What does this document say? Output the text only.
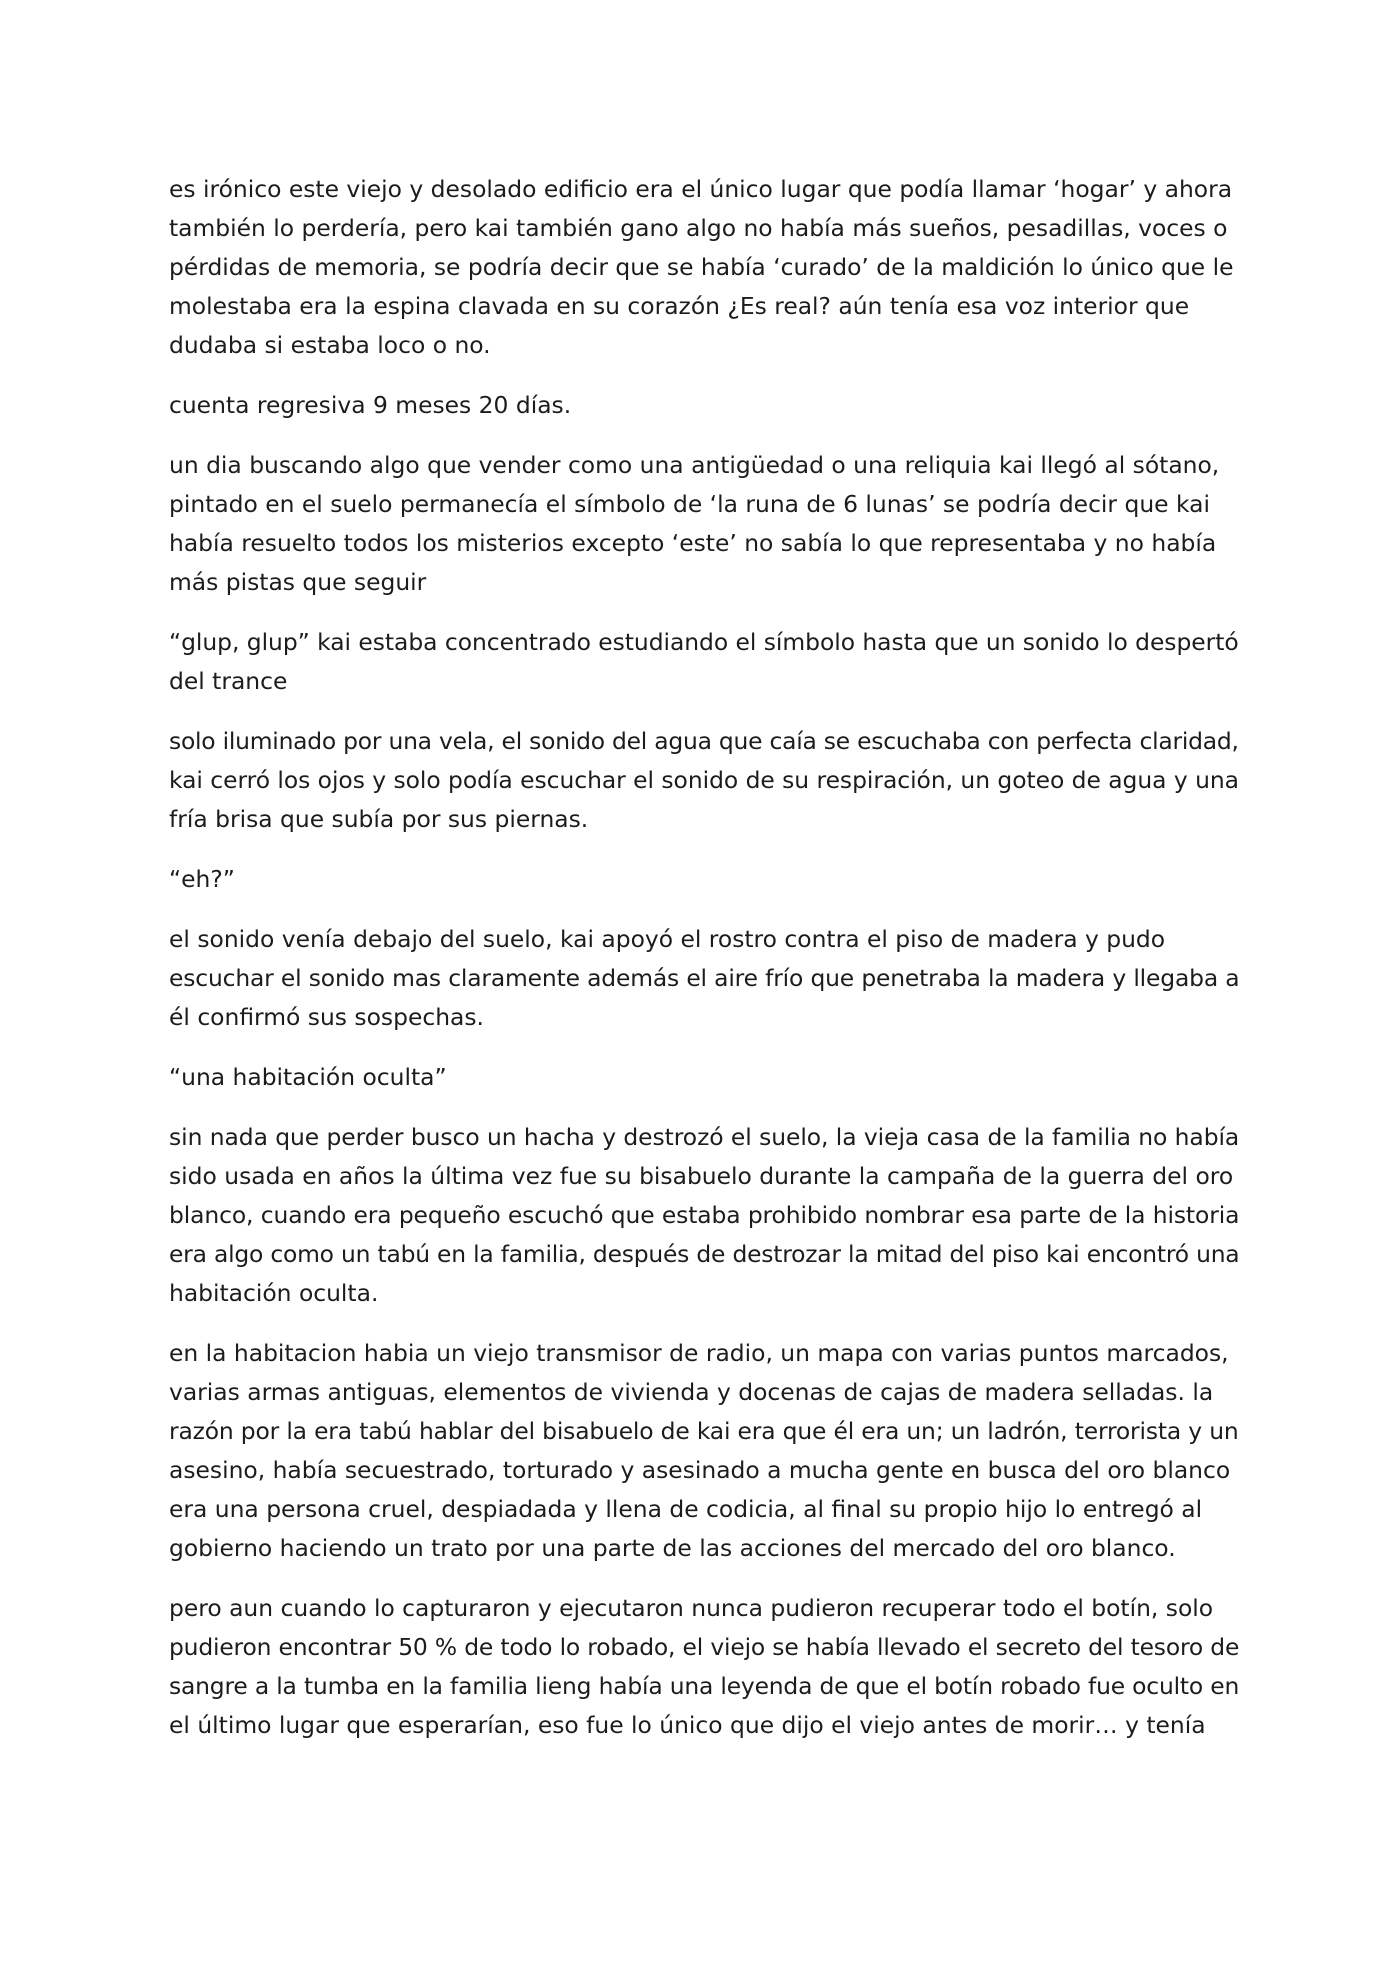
es irónico este viejo y desolado edificio era el único lugar que podía llamar ‘hogar’ y ahora
también lo perdería, pero kai también gano algo no había más sueños, pesadillas, voces o
pérdidas de memoria, se podría decir que se había ‘curado’ de la maldición lo único que le
molestaba era la espina clavada en su corazón ¿Es real? aún tenía esa voz interior que
dudaba si estaba loco o no.

cuenta regresiva 9 meses 20 días.

un dia buscando algo que vender como una antigüedad o una reliquia kai llegó al sótano,
pintado en el suelo permanecía el símbolo de ‘la runa de 6 lunas’ se podría decir que kai
había resuelto todos los misterios excepto ‘este’ no sabía lo que representaba y no había
más pistas que seguir

“glup, glup” kai estaba concentrado estudiando el símbolo hasta que un sonido lo despertó
del trance

solo iluminado por una vela, el sonido del agua que caía se escuchaba con perfecta claridad,
kai cerró los ojos y solo podía escuchar el sonido de su respiración, un goteo de agua y una
fría brisa que subía por sus piernas.

“eh?”

el sonido venía debajo del suelo, kai apoyó el rostro contra el piso de madera y pudo
escuchar el sonido mas claramente además el aire frío que penetraba la madera y llegaba a
él confirmó sus sospechas.

“una habitación oculta”

sin nada que perder busco un hacha y destrozó el suelo, la vieja casa de la familia no había
sido usada en años la última vez fue su bisabuelo durante la campaña de la guerra del oro
blanco, cuando era pequeño escuchó que estaba prohibido nombrar esa parte de la historia
era algo como un tabú en la familia, después de destrozar la mitad del piso kai encontró una
habitación oculta.

en la habitacion habia un viejo transmisor de radio, un mapa con varias puntos marcados,
varias armas antiguas, elementos de vivienda y docenas de cajas de madera selladas. la
razón por la era tabú hablar del bisabuelo de kai era que él era un; un ladrón, terrorista y un
asesino, había secuestrado, torturado y asesinado a mucha gente en busca del oro blanco
era una persona cruel, despiadada y llena de codicia, al final su propio hijo lo entregó al
gobierno haciendo un trato por una parte de las acciones del mercado del oro blanco.

pero aun cuando lo capturaron y ejecutaron nunca pudieron recuperar todo el botín, solo
pudieron encontrar 50 % de todo lo robado, el viejo se había llevado el secreto del tesoro de
sangre a la tumba en la familia lieng había una leyenda de que el botín robado fue oculto en
el último lugar que esperarían, eso fue lo único que dijo el viejo antes de morir… y tenía
